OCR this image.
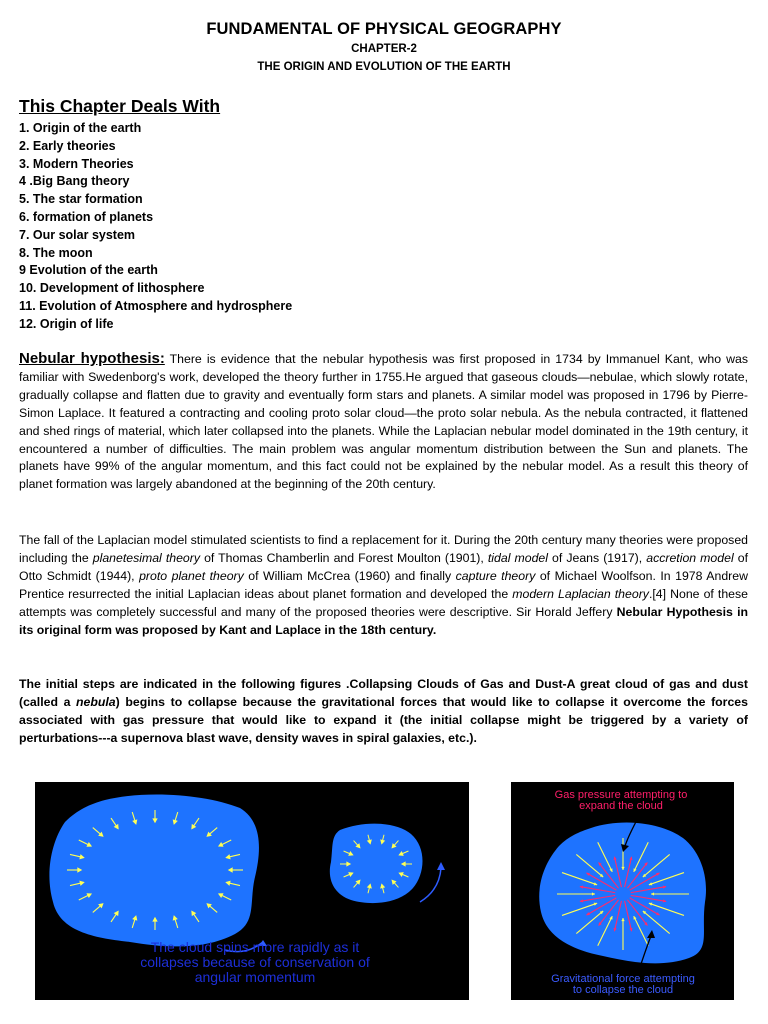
FUNDAMENTAL OF PHYSICAL GEOGRAPHY
CHAPTER-2
THE ORIGIN AND EVOLUTION OF THE EARTH
This Chapter Deals With
1. Origin of the earth
2. Early theories
3. Modern Theories
4 .Big Bang theory
5. The star formation
6. formation of planets
7. Our solar system
8. The moon
9 Evolution of the earth
10. Development of lithosphere
11. Evolution of Atmosphere and hydrosphere
12. Origin of life

Nebular hypothesis: There is evidence that the nebular hypothesis was first proposed in 1734 by Immanuel Kant, who was familiar with Swedenborg's work, developed the theory further in 1755.He argued that gaseous clouds—nebulae, which slowly rotate, gradually collapse and flatten due to gravity and eventually form stars and planets. A similar model was proposed in 1796 by Pierre-Simon Laplace. It featured a contracting and cooling proto solar cloud—the proto solar nebula. As the nebula contracted, it flattened and shed rings of material, which later collapsed into the planets. While the Laplacian nebular model dominated in the 19th century, it encountered a number of difficulties. The main problem was angular momentum distribution between the Sun and planets. The planets have 99% of the angular momentum, and this fact could not be explained by the nebular model. As a result this theory of planet formation was largely abandoned at the beginning of the 20th century.

The fall of the Laplacian model stimulated scientists to find a replacement for it. During the 20th century many theories were proposed including the planetesimal theory of Thomas Chamberlin and Forest Moulton (1901), tidal model of Jeans (1917), accretion model of Otto Schmidt (1944), proto planet theory of William McCrea (1960) and finally capture theory of Michael Woolfson. In 1978 Andrew Prentice resurrected the initial Laplacian ideas about planet formation and developed the modern Laplacian theory.[4] None of these attempts was completely successful and many of the proposed theories were descriptive. Sir Horald Jeffery Nebular Hypothesis in its original form was proposed by Kant and Laplace in the 18th century.

The initial steps are indicated in the following figures .Collapsing Clouds of Gas and Dust-A great cloud of gas and dust (called a nebula) begins to collapse because the gravitational forces that would like to collapse it overcome the forces associated with gas pressure that would like to expand it (the initial collapse might be triggered by a variety of perturbations---a supernova blast wave, density waves in spiral galaxies, etc.).

The cloud spins more rapidly as it
collapses because of conservation of
angular momentum
Gas pressure attempting to
expand the cloud
Gravitational force attempting
to collapse the cloud
